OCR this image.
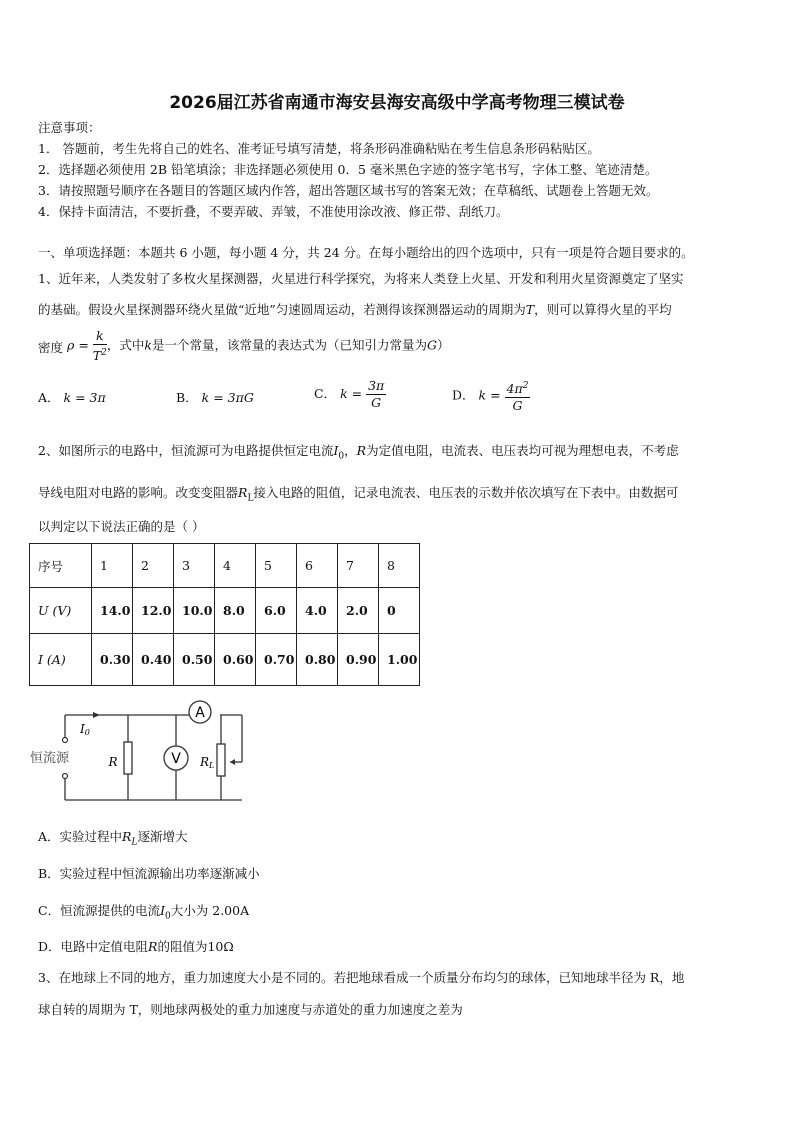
2026届江苏省南通市海安县海安高级中学高考物理三模试卷
注意事项：
1． 答题前，考生先将自己的姓名、准考证号填写清楚，将条形码准确粘贴在考生信息条形码粘贴区。
2．选择题必须使用 2B 铅笔填涂；非选择题必须使用 0．5 毫米黑色字迹的签字笔书写，字体工整、笔迹清楚。
3．请按照题号顺序在各题目的答题区域内作答，超出答题区域书写的答案无效；在草稿纸、试题卷上答题无效。
4．保持卡面清洁，不要折叠，不要弄破、弄皱，不准使用涂改液、修正带、刮纸刀。
一、单项选择题：本题共 6 小题，每小题 4 分，共 24 分。在每小题给出的四个选项中，只有一项是符合题目要求的。
1、近年来，人类发射了多枚火星探测器，火星进行科学探究，为将来人类登上火星、开发和利用火星资源奠定了坚实
的基础。假设火星探测器环绕火星做“近地”匀速圆周运动，若测得该探测器运动的周期为T，则可以算得火星的平均
密度 $\rho = \frac{k}{T^2}$ ，式中k是一个常量，该常量的表达式为（已知引力常量为G）
A． k = 3π	B． k = 3πG	C． $k = \frac{3\pi}{G}$	D． $k = \frac{4\pi^2}{G}$
2、如图所示的电路中，恒流源可为电路提供恒定电流$I_0$，R为定值电阻，电流表、电压表均可视为理想电表，不考虑
导线电阻对电路的影响。改变变阻器$R_L$接入电路的阻值，记录电流表、电压表的示数并依次填写在下表中。由数据可
以判定以下说法正确的是（ ）
序号	1	2	3	4	5	6	7	8
U (V)	14.0	12.0	10.0	8.0	6.0	4.0	2.0	0
I (A)	0.30	0.40	0.50	0.60	0.70	0.80	0.90	1.00
A
V
R	RL
I0
恒流源
A．实验过程中$R_L$逐渐增大
B．实验过程中恒流源输出功率逐渐减小
C．恒流源提供的电流$I_0$大小为 2.00A
D．电路中定值电阻R的阻值为10Ω
3、在地球上不同的地方，重力加速度大小是不同的。若把地球看成一个质量分布均匀的球体，已知地球半径为 R，地
球自转的周期为 T，则地球两极处的重力加速度与赤道处的重力加速度之差为
